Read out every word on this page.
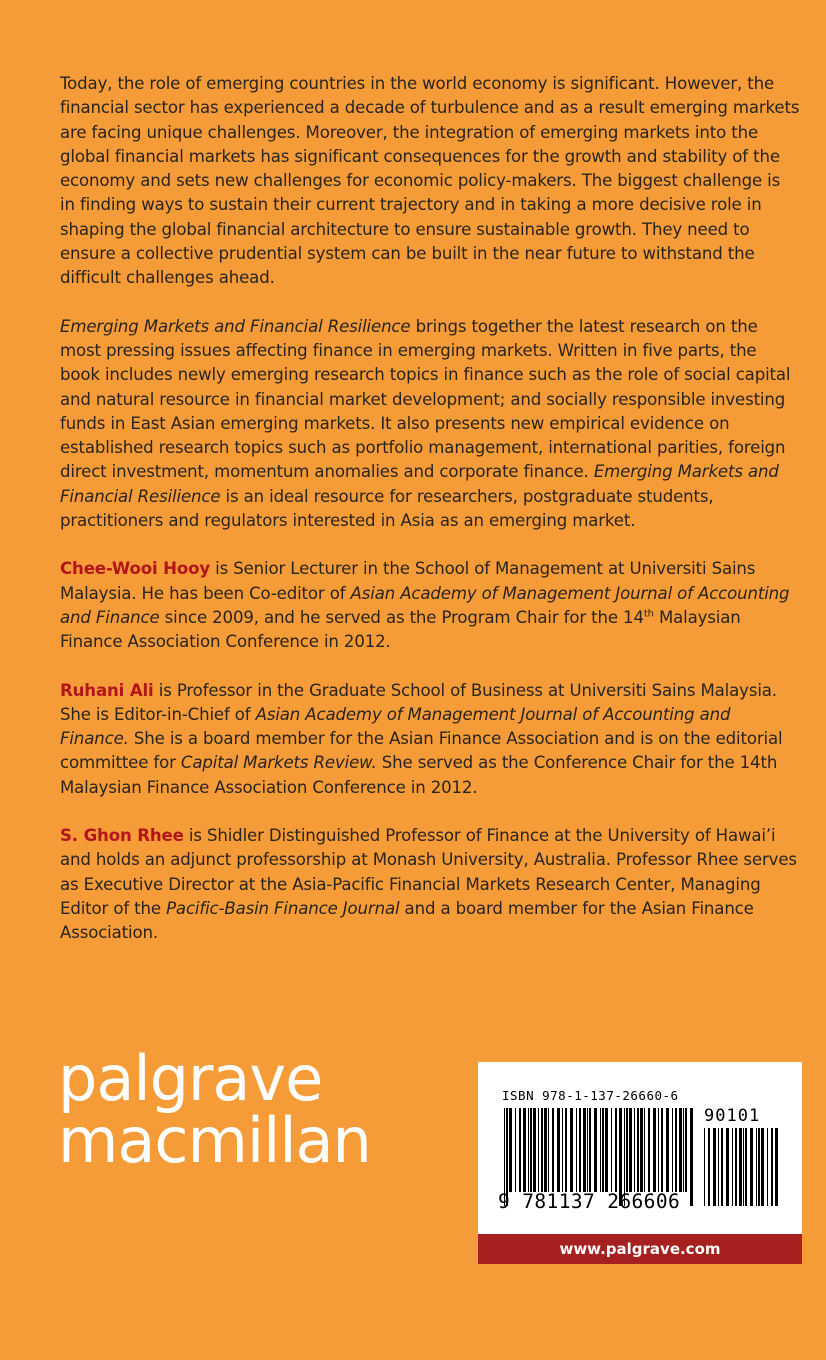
Today, the role of emerging countries in the world economy is significant. However, the financial sector has experienced a decade of turbulence and as a result emerging markets are facing unique challenges. Moreover, the integration of emerging markets into the global financial markets has significant consequences for the growth and stability of the economy and sets new challenges for economic policy-makers. The biggest challenge is in finding ways to sustain their current trajectory and in taking a more decisive role in shaping the global financial architecture to ensure sustainable growth. They need to ensure a collective prudential system can be built in the near future to withstand the difficult challenges ahead.

Emerging Markets and Financial Resilience brings together the latest research on the most pressing issues affecting finance in emerging markets. Written in five parts, the book includes newly emerging research topics in finance such as the role of social capital and natural resource in financial market development; and socially responsible investing funds in East Asian emerging markets. It also presents new empirical evidence on established research topics such as portfolio management, international parities, foreign direct investment, momentum anomalies and corporate finance. Emerging Markets and Financial Resilience is an ideal resource for researchers, postgraduate students, practitioners and regulators interested in Asia as an emerging market.

Chee-Wooi Hooy is Senior Lecturer in the School of Management at Universiti Sains Malaysia. He has been Co-editor of Asian Academy of Management Journal of Accounting and Finance since 2009, and he served as the Program Chair for the 14th Malaysian Finance Association Conference in 2012.

Ruhani Ali is Professor in the Graduate School of Business at Universiti Sains Malaysia. She is Editor-in-Chief of Asian Academy of Management Journal of Accounting and Finance. She is a board member for the Asian Finance Association and is on the editorial committee for Capital Markets Review. She served as the Conference Chair for the 14th Malaysian Finance Association Conference in 2012.

S. Ghon Rhee is Shidler Distinguished Professor of Finance at the University of Hawai’i and holds an adjunct professorship at Monash University, Australia. Professor Rhee serves as Executive Director at the Asia-Pacific Financial Markets Research Center, Managing Editor of the Pacific-Basin Finance Journal and a board member for the Asian Finance Association.

palgrave
macmillan
ISBN 978-1-137-26660-6
90101
9 781137 266606
www.palgrave.com
